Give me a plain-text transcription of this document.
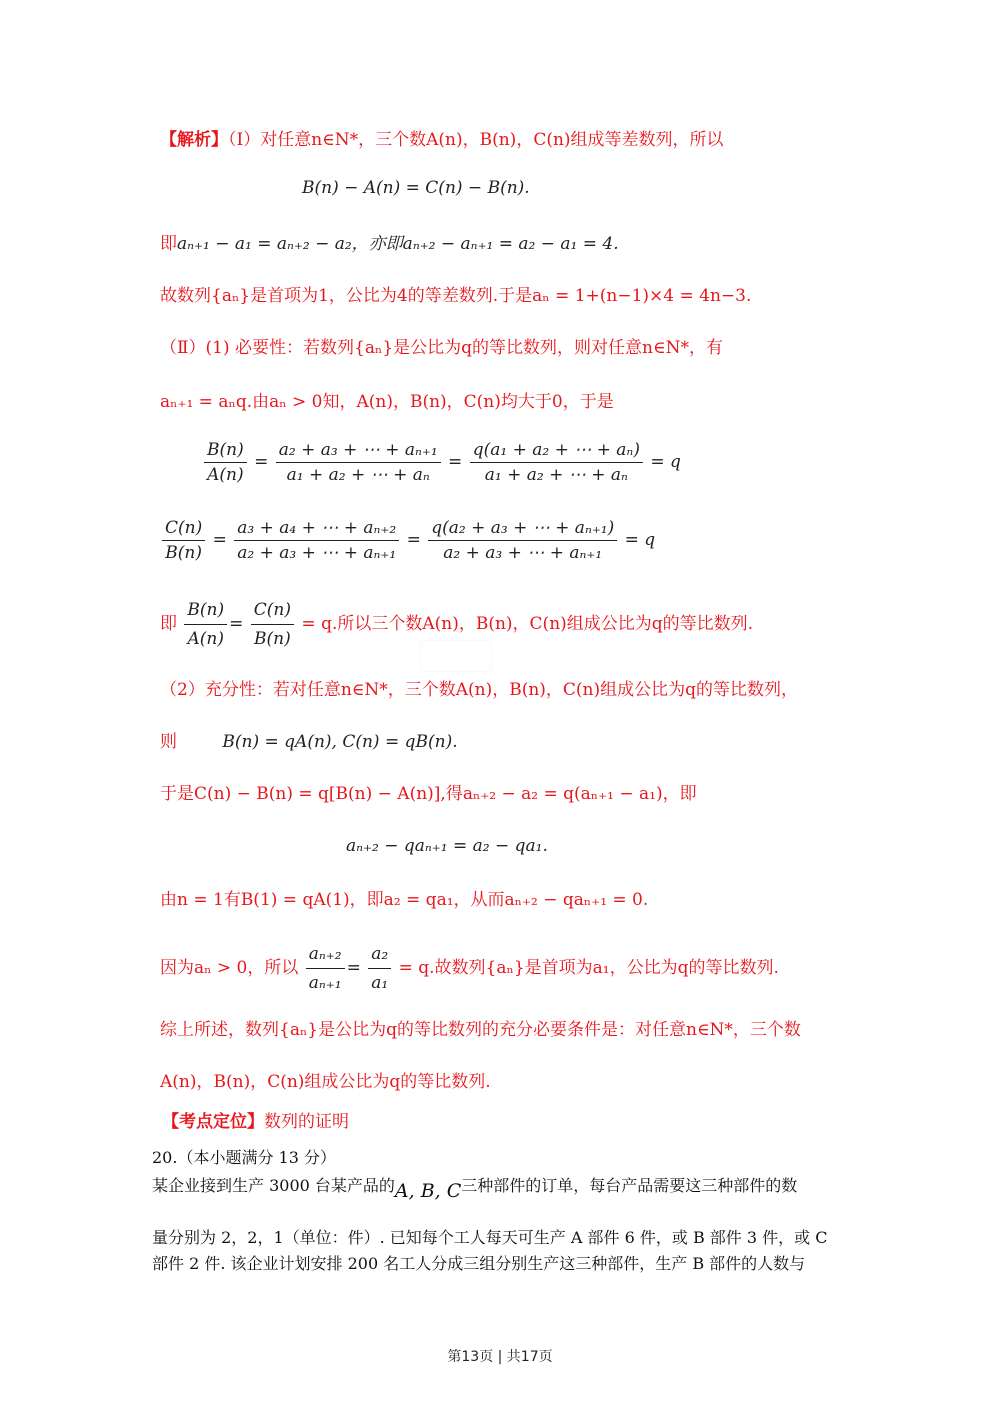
【解析】（Ⅰ）对任意n∈N*，三个数A(n)，B(n)，C(n)组成等差数列，所以
B(n) − A(n) = C(n) − B(n).
即aₙ₊₁ − a₁ = aₙ₊₂ − a₂，亦即aₙ₊₂ − aₙ₊₁ = a₂ − a₁ = 4.
故数列{aₙ}是首项为1，公比为4的等差数列.于是aₙ = 1+(n−1)×4 = 4n−3.
（Ⅱ）(1) 必要性：若数列{aₙ}是公比为q的等比数列，则对任意n∈N*，有
aₙ₊₁ = aₙq.由aₙ > 0知，A(n)，B(n)，C(n)均大于0，于是
$\frac{B(n)}{A(n)} = \frac{\text{a₂ + a₃ + ⋯ + aₙ₊₁}}{\text{a₁ + a₂ + ⋯ + aₙ}} = \frac{\text{q(a₁ + a₂ + ⋯ + aₙ)}}{\text{a₁ + a₂ + ⋯ + aₙ}} = q$
$\frac{C(n)}{B(n)} = \frac{\text{a₃ + a₄ + ⋯ + aₙ₊₂}}{\text{a₂ + a₃ + ⋯ + aₙ₊₁}} = \frac{\text{q(a₂ + a₃ + ⋯ + aₙ₊₁)}}{\text{a₂ + a₃ + ⋯ + aₙ₊₁}} = q$
即 $\frac{B(n)}{A(n)} = \frac{C(n)}{B(n)} = q$.所以三个数A(n)，B(n)，C(n)组成公比为q的等比数列.
（2）充分性：若对任意n∈N*，三个数A(n)，B(n)，C(n)组成公比为q的等比数列，
则	B(n) = qA(n), C(n) = qB(n).
于是C(n) − B(n) = q[B(n) − A(n)],得aₙ₊₂ − a₂ = q(aₙ₊₁ − a₁)，即
aₙ₊₂ − qaₙ₊₁ = a₂ − qa₁.
由n = 1有B(1) = qA(1)，即a₂ = qa₁，从而aₙ₊₂ − qaₙ₊₁ = 0.
因为aₙ > 0，所以 $\frac{\text{aₙ₊₂}}{\text{aₙ₊₁}} = \frac{\text{a₂}}{\text{a₁}} = q$.故数列{aₙ}是首项为a₁，公比为q的等比数列.
综上所述，数列{aₙ}是公比为q的等比数列的充分必要条件是：对任意n∈N*，三个数
A(n)，B(n)，C(n)组成公比为q的等比数列.
【考点定位】数列的证明
20.（本小题满分 13 分）
某企业接到生产 3000 台某产品的A, B, C三种部件的订单，每台产品需要这三种部件的数
量分别为 2，2，1（单位：件）. 已知每个工人每天可生产 A 部件 6 件，或 B 部件 3 件，或 C
部件 2 件. 该企业计划安排 200 名工人分成三组分别生产这三种部件，生产 B 部件的人数与
第13页 | 共17页
